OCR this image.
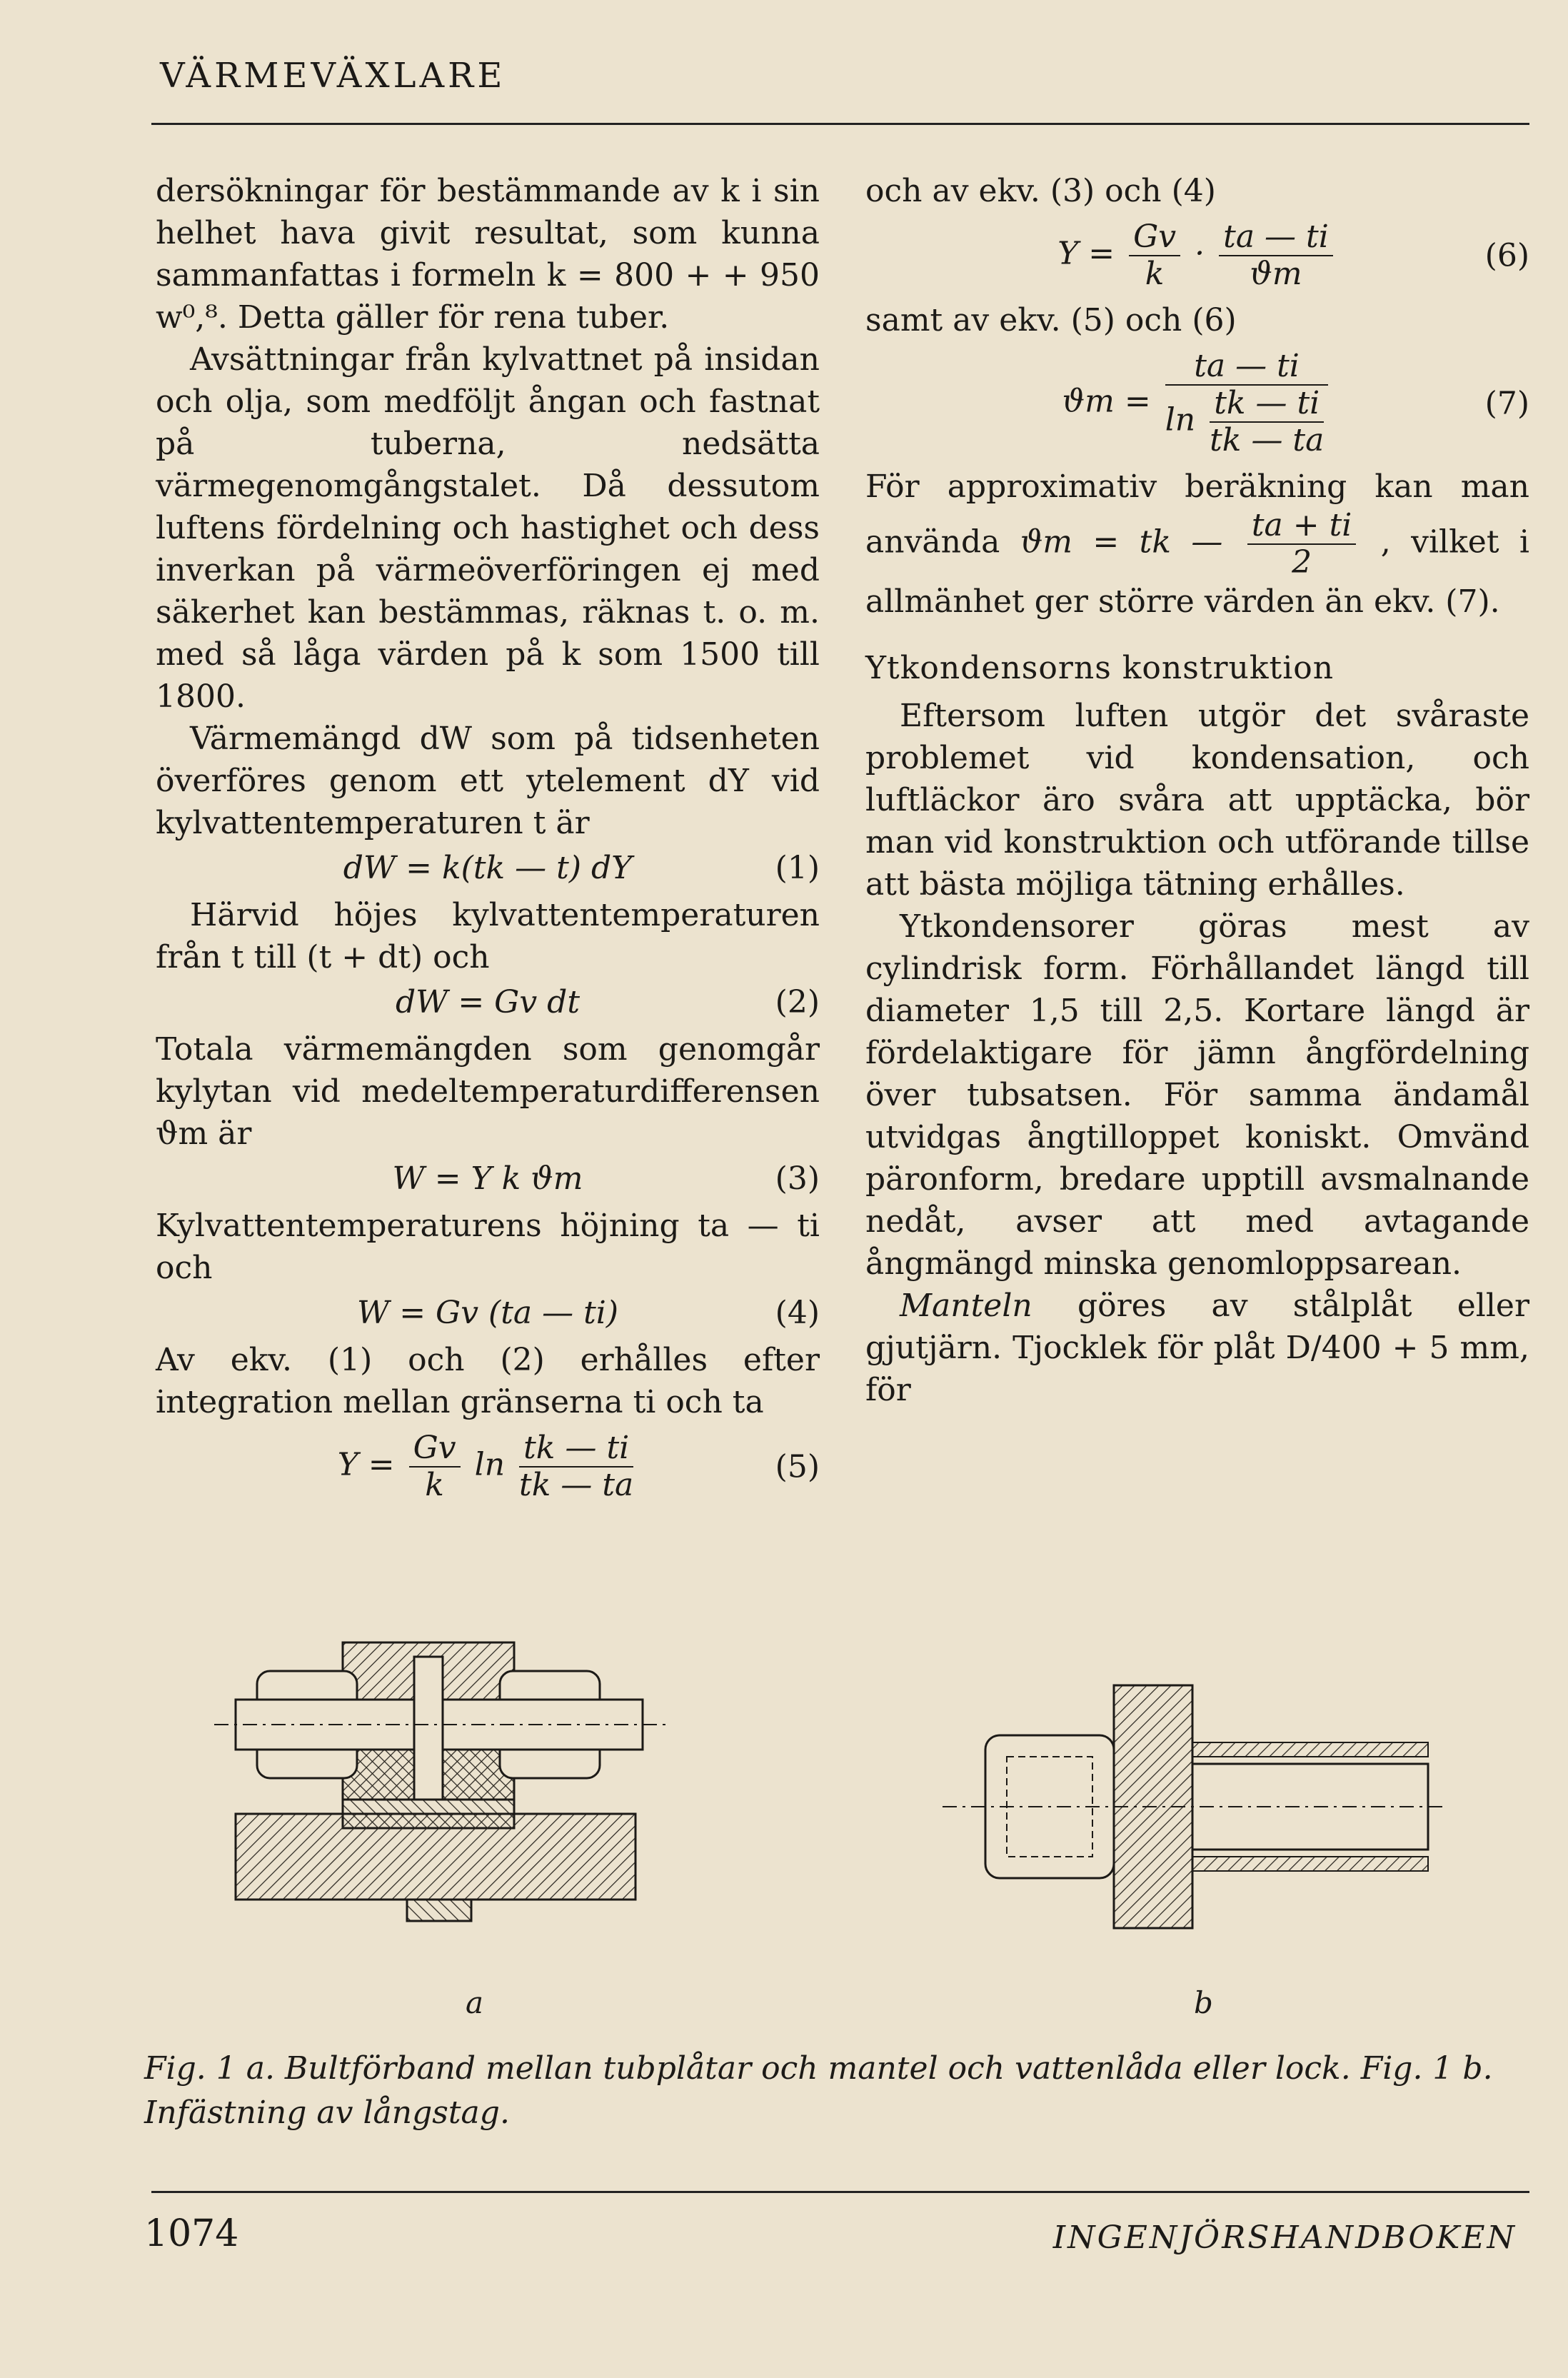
VÄRMEVÄXLARE

dersökningar för bestämmande av k i sin helhet hava givit resultat, som kunna sammanfattas i formeln k = 800 + + 950 w⁰,⁸. Detta gäller för rena tuber.

Avsättningar från kylvattnet på insidan och olja, som medföljt ångan och fastnat på tuberna, nedsätta värmegenomgångstalet. Då dessutom luftens fördelning och hastighet och dess inverkan på värmeöverföringen ej med säkerhet kan bestämmas, räknas t. o. m. med så låga värden på k som 1500 till 1800.

Värmemängd dW som på tidsenheten överföres genom ett ytelement dY vid kylvattentemperaturen t är

dW = k(tk — t) dY	(1)

Härvid höjes kylvattentemperaturen från t till (t + dt) och

dW = Gv dt	(2)

Totala värmemängden som genomgår kylytan vid medeltemperaturdifferensen ϑm är

W = Y k ϑm	(3)

Kylvattentemperaturens höjning ta — ti och

W = Gv (ta — ti)	(4)

Av ekv. (1) och (2) erhålles efter integration mellan gränserna ti och ta

$Y = \frac{Gv}{k}$ $\ln \frac{tk — ti}{tk — ta}$	(5)

och av ekv. (3) och (4)

$Y = \frac{Gv}{k} \cdot \frac{ta — ti}{ϑm}$	(6)

samt av ekv. (5) och (6)

$ϑm = \frac{ta — ti}{\ln \frac{tk — ti}{tk — ta}}$	(7)

För approximativ beräkning kan man använda ϑm = tk — $\frac{ta + ti}{2}$ , vilket i allmänhet ger större värden än ekv. (7).

Ytkondensorns konstruktion

Eftersom luften utgör det svåraste problemet vid kondensation, och luftläckor äro svåra att upptäcka, bör man vid konstruktion och utförande tillse att bästa möjliga tätning erhålles.

Ytkondensorer göras mest av cylindrisk form. Förhållandet längd till diameter 1,5 till 2,5. Kortare längd är fördelaktigare för jämn ångfördelning över tubsatsen. För samma ändamål utvidgas ångtilloppet koniskt. Omvänd päronform, bredare upptill avsmalnande nedåt, avser att med avtagande ångmängd minska genomloppsarean.

Manteln göres av stålplåt eller gjutjärn. Tjocklek för plåt D/400 + 5 mm, för

a	b
Fig. 1 a. Bultförband mellan tubplåtar och mantel och vattenlåda eller lock. Fig. 1 b. Infästning av långstag.
1074	INGENJÖRSHANDBOKEN
